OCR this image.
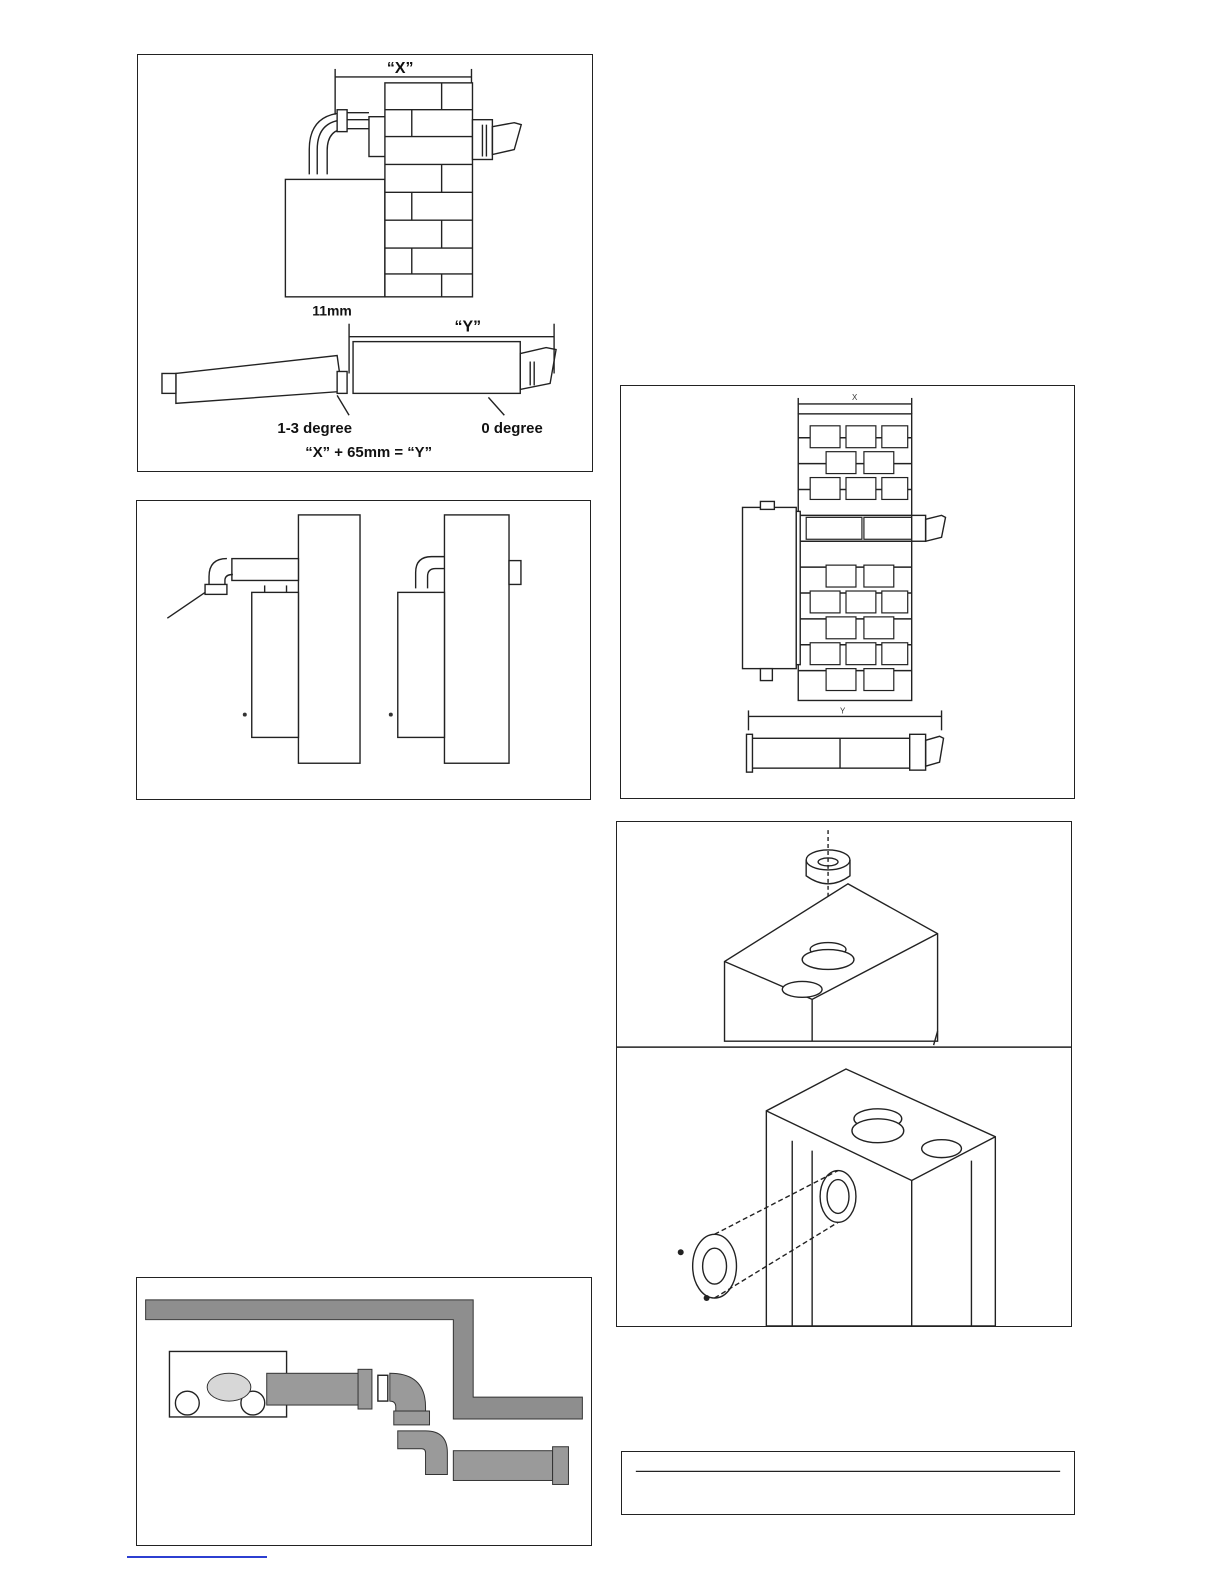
“X”
11mm
“Y”
1-3 degree	0 degree
“X” + 65mm = “Y”
X
Y
